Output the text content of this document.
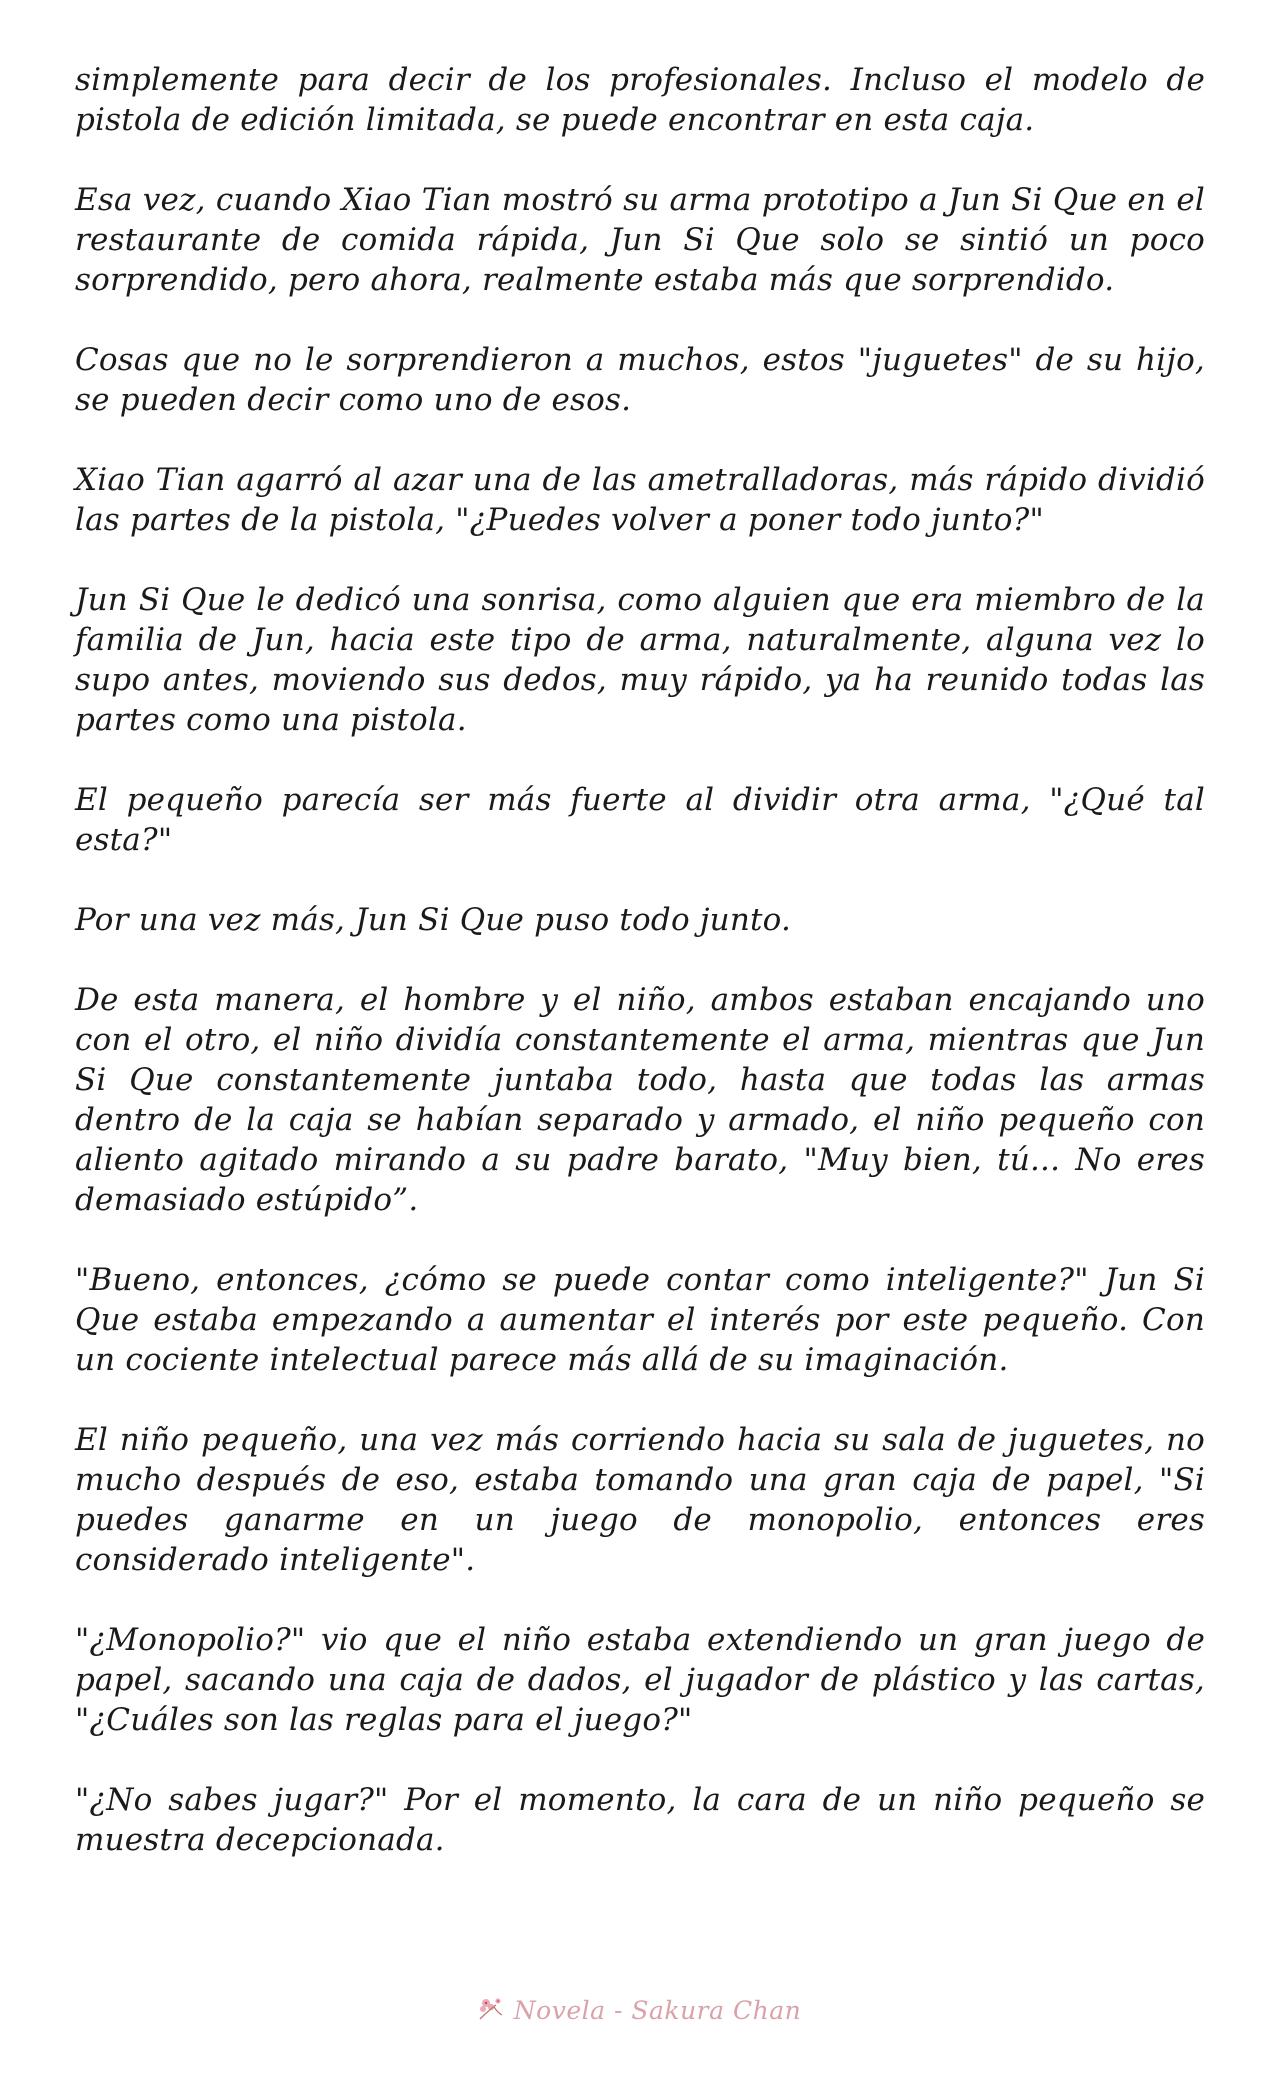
simplemente para decir de los profesionales. Incluso el modelo de pistola de edición limitada, se puede encontrar en esta caja.

Esa vez, cuando Xiao Tian mostró su arma prototipo a Jun Si Que en el restaurante de comida rápida, Jun Si Que solo se sintió un poco sorprendido, pero ahora, realmente estaba más que sorprendido.

Cosas que no le sorprendieron a muchos, estos "juguetes" de su hijo, se pueden decir como uno de esos.

Xiao Tian agarró al azar una de las ametralladoras, más rápido dividió las partes de la pistola, "¿Puedes volver a poner todo junto?"

Jun Si Que le dedicó una sonrisa, como alguien que era miembro de la familia de Jun, hacia este tipo de arma, naturalmente, alguna vez lo supo antes, moviendo sus dedos, muy rápido, ya ha reunido todas las partes como una pistola.

El pequeño parecía ser más fuerte al dividir otra arma, "¿Qué tal esta?"

Por una vez más, Jun Si Que puso todo junto.

De esta manera, el hombre y el niño, ambos estaban encajando uno con el otro, el niño dividía constantemente el arma, mientras que Jun Si Que constantemente juntaba todo, hasta que todas las armas dentro de la caja se habían separado y armado, el niño pequeño con aliento agitado mirando a su padre barato, "Muy bien, tú... No eres demasiado estúpido”.

"Bueno, entonces, ¿cómo se puede contar como inteligente?" Jun Si Que estaba empezando a aumentar el interés por este pequeño. Con un cociente intelectual parece más allá de su imaginación.

El niño pequeño, una vez más corriendo hacia su sala de juguetes, no mucho después de eso, estaba tomando una gran caja de papel, "Si puedes ganarme en un juego de monopolio, entonces eres considerado inteligente".

"¿Monopolio?" vio que el niño estaba extendiendo un gran juego de papel, sacando una caja de dados, el jugador de plástico y las cartas, "¿Cuáles son las reglas para el juego?"

"¿No sabes jugar?" Por el momento, la cara de un niño pequeño se muestra decepcionada.

Novela - Sakura Chan
